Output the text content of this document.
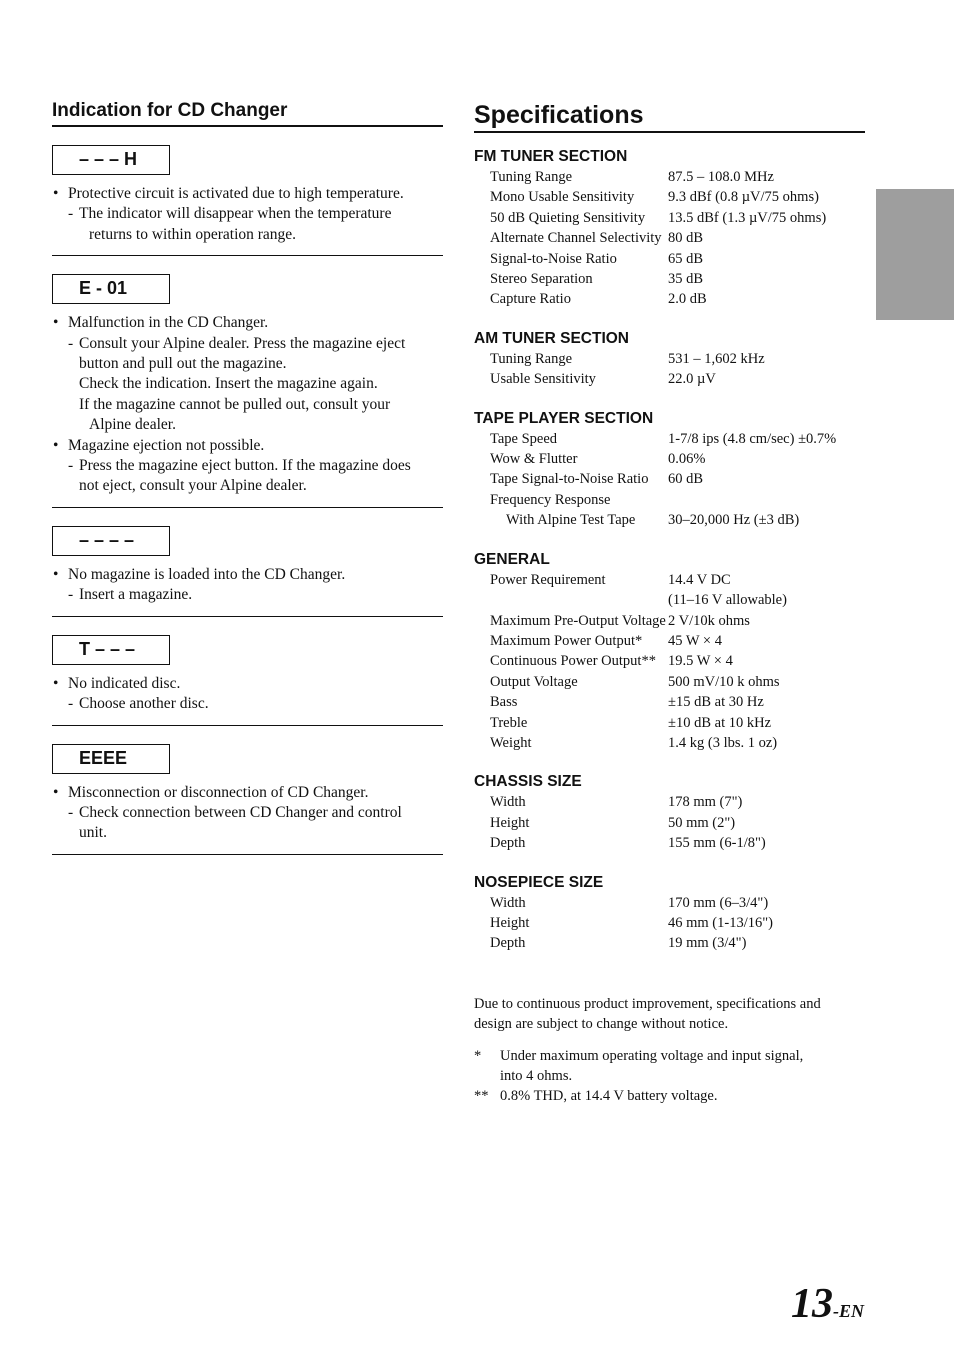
Indication for CD Changer
– – – H
• Protective circuit is activated due to high temperature.
- The indicator will disappear when the temperature
returns to within operation range.
E - 01
• Malfunction in the CD Changer.
- Consult your Alpine dealer. Press the magazine eject
button and pull out the magazine.
Check the indication. Insert the magazine again.
If the magazine cannot be pulled out, consult your
Alpine dealer.
• Magazine ejection not possible.
- Press the magazine eject button. If the magazine does
not eject, consult your Alpine dealer.
– – – –
• No magazine is loaded into the CD Changer.
- Insert a magazine.
T – – –
• No indicated disc.
- Choose another disc.
EEEE
• Misconnection or disconnection of CD Changer.
- Check connection between CD Changer and control
unit.
Specifications
FM TUNER SECTION
Tuning Range	87.5 – 108.0 MHz
Mono Usable Sensitivity	9.3 dBf (0.8 µV/75 ohms)
50 dB Quieting Sensitivity	13.5 dBf (1.3 µV/75 ohms)
Alternate Channel Selectivity 80 dB
Signal-to-Noise Ratio	65 dB
Stereo Separation	35 dB
Capture Ratio	2.0 dB
AM TUNER SECTION
Tuning Range	531 – 1,602 kHz
Usable Sensitivity	22.0 µV
TAPE PLAYER SECTION
Tape Speed	1-7/8 ips (4.8 cm/sec) ±0.7%
Wow & Flutter	0.06%
Tape Signal-to-Noise Ratio	60 dB
Frequency Response
With Alpine Test Tape	30–20,000 Hz (±3 dB)
GENERAL
Power Requirement	14.4 V DC
(11–16 V allowable)
Maximum Pre-Output Voltage 2 V/10k ohms
Maximum Power Output*	45 W × 4
Continuous Power Output** 19.5 W × 4
Output Voltage	500 mV/10 k ohms
Bass	±15 dB at 30 Hz
Treble	±10 dB at 10 kHz
Weight	1.4 kg (3 lbs. 1 oz)
CHASSIS SIZE
Width	178 mm (7")
Height	50 mm (2")
Depth	155 mm (6-1/8")
NOSEPIECE SIZE
Width	170 mm (6–3/4")
Height	46 mm (1-13/16")
Depth	19 mm (3/4")
Due to continuous product improvement, specifications and
design are subject to change without notice.
*	Under maximum operating voltage and input signal,
into 4 ohms.
** 0.8% THD, at 14.4 V battery voltage.
13-EN
